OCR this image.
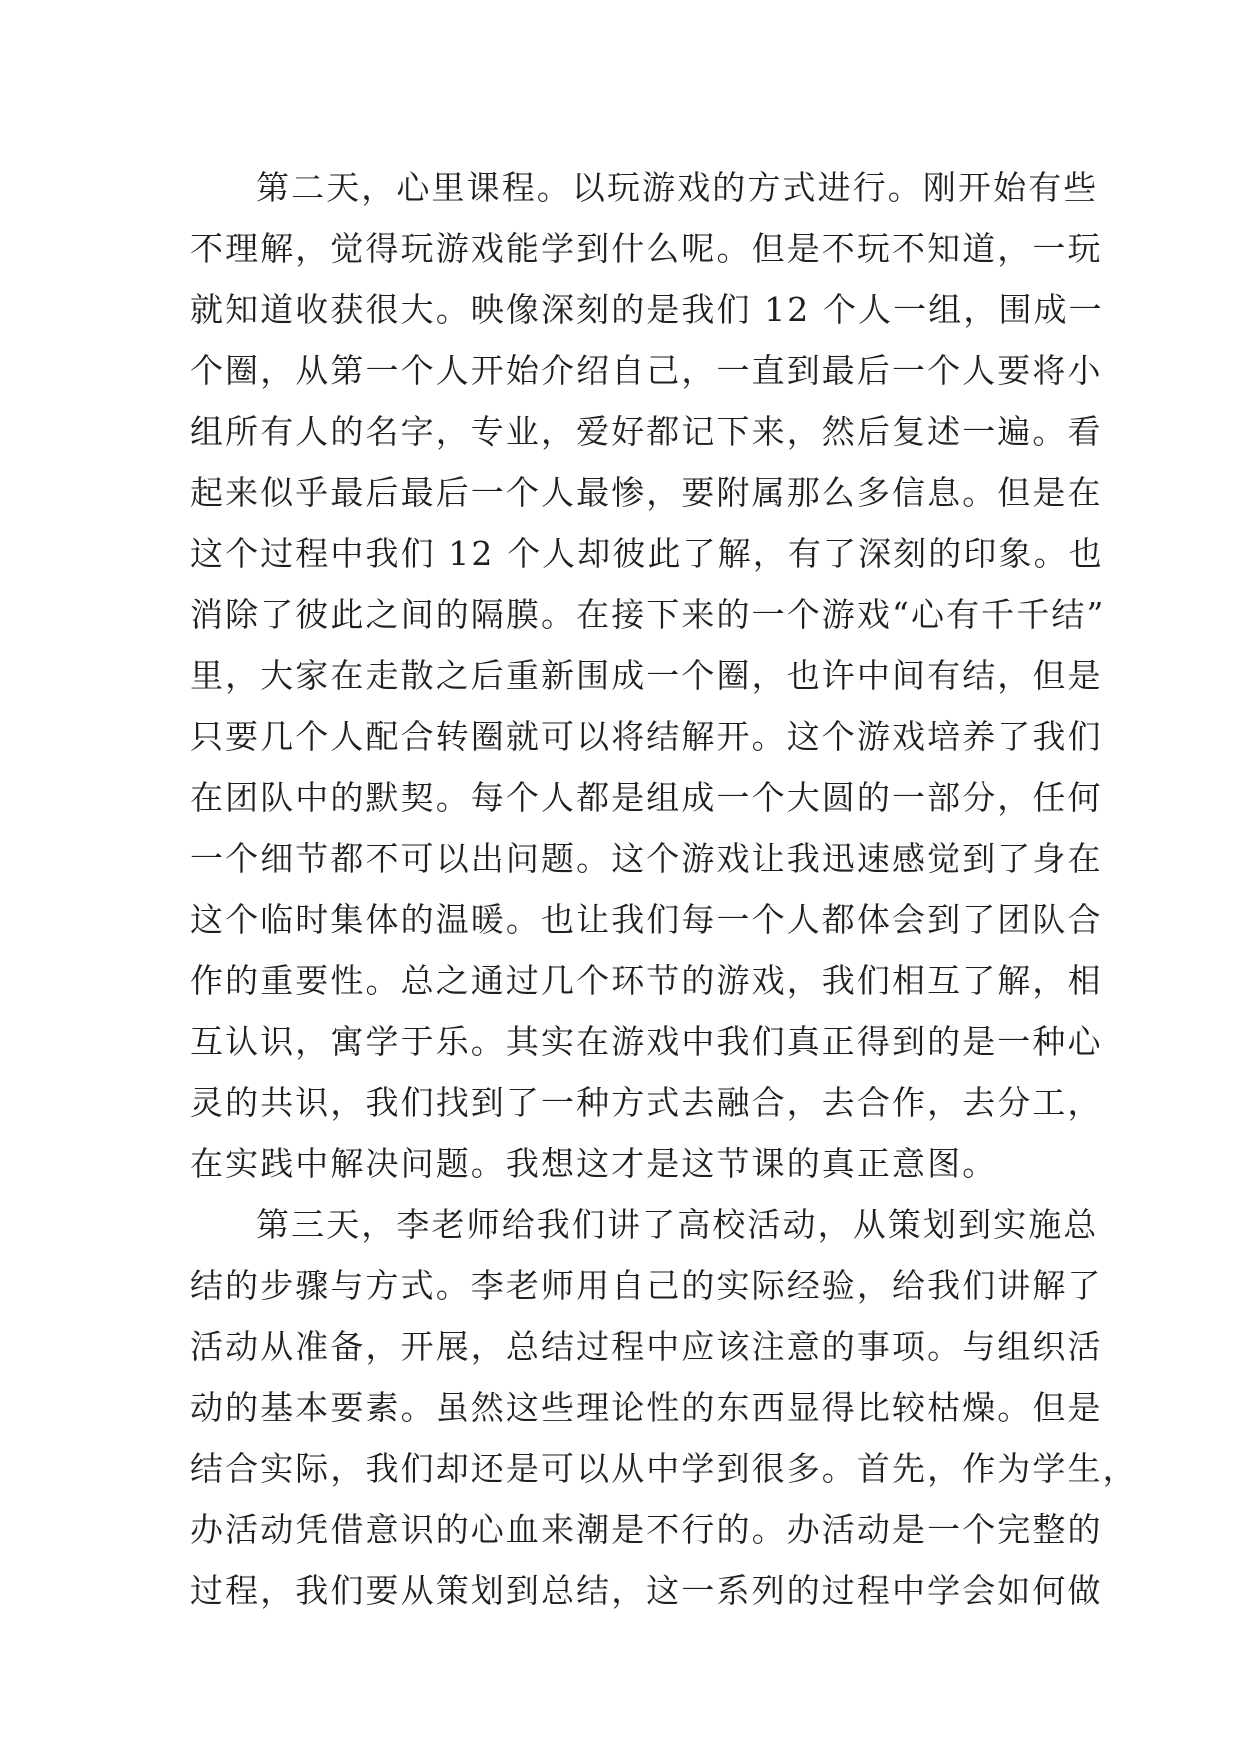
第二天，心里课程。以玩游戏的方式进行。刚开始有些
不理解，觉得玩游戏能学到什么呢。但是不玩不知道，一玩
就知道收获很大。映像深刻的是我们 12 个人一组，围成一
个圈，从第一个人开始介绍自己，一直到最后一个人要将小
组所有人的名字，专业，爱好都记下来，然后复述一遍。看
起来似乎最后最后一个人最惨，要附属那么多信息。但是在
这个过程中我们 12 个人却彼此了解，有了深刻的印象。也
消除了彼此之间的隔膜。在接下来的一个游戏“心有千千结”
里，大家在走散之后重新围成一个圈，也许中间有结，但是
只要几个人配合转圈就可以将结解开。这个游戏培养了我们
在团队中的默契。每个人都是组成一个大圆的一部分，任何
一个细节都不可以出问题。这个游戏让我迅速感觉到了身在
这个临时集体的温暖。也让我们每一个人都体会到了团队合
作的重要性。总之通过几个环节的游戏，我们相互了解，相
互认识，寓学于乐。其实在游戏中我们真正得到的是一种心
灵的共识，我们找到了一种方式去融合，去合作，去分工，
在实践中解决问题。我想这才是这节课的真正意图。
第三天，李老师给我们讲了高校活动，从策划到实施总
结的步骤与方式。李老师用自己的实际经验，给我们讲解了
活动从准备，开展，总结过程中应该注意的事项。与组织活
动的基本要素。虽然这些理论性的东西显得比较枯燥。但是
结合实际，我们却还是可以从中学到很多。首先，作为学生，
办活动凭借意识的心血来潮是不行的。办活动是一个完整的
过程，我们要从策划到总结，这一系列的过程中学会如何做
